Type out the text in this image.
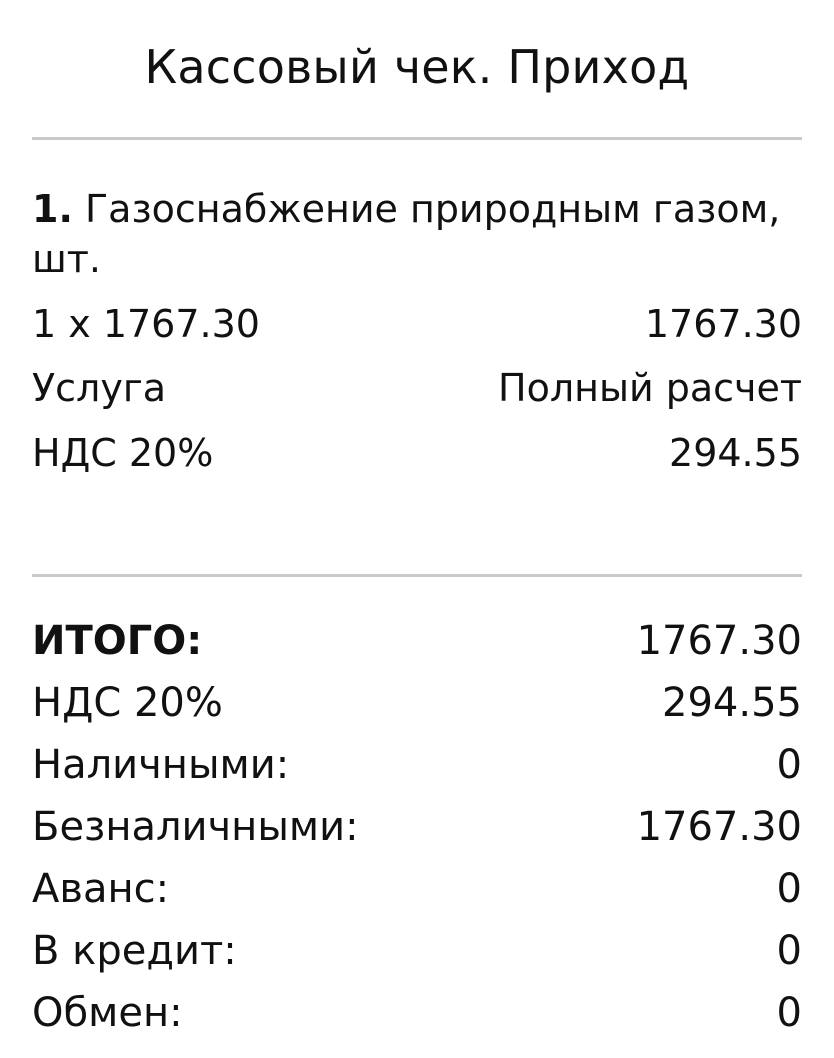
Кассовый чек. Приход
1. Газоснабжение природным газом, шт.
1 x 1767.30	1767.30
Услуга	Полный расчет
НДС 20%	294.55
ИТОГО:	1767.30
НДС 20%	294.55
Наличными:	0
Безналичными:	1767.30
Аванс:	0
В кредит:	0
Обмен:	0
